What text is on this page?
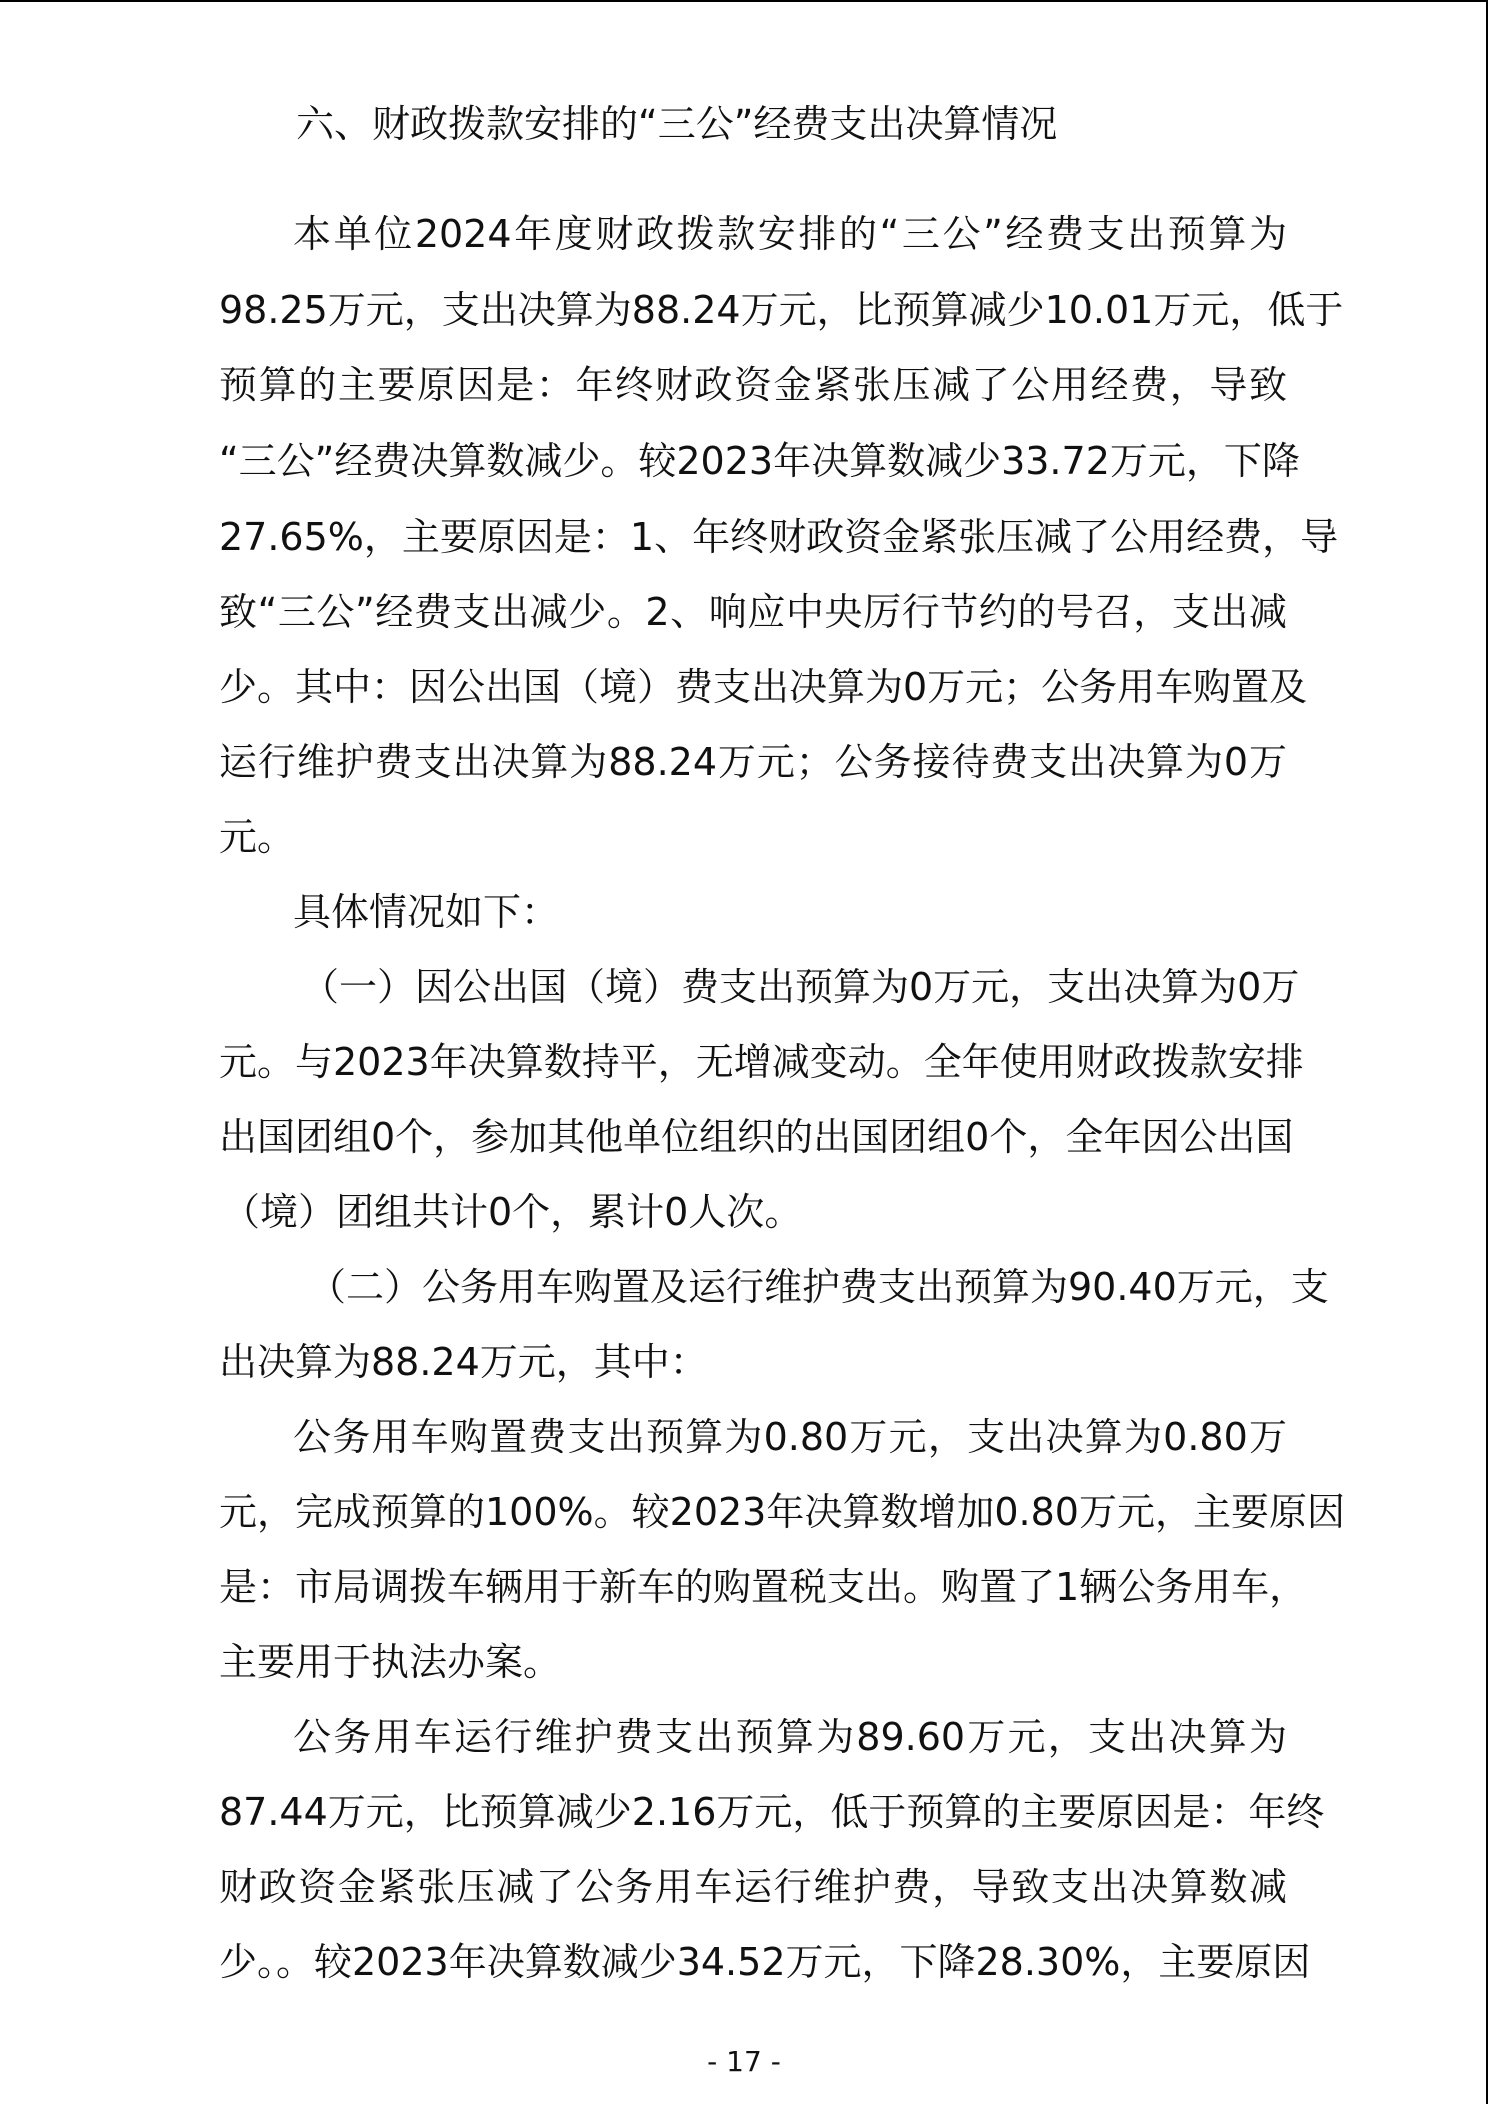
六、财政拨款安排的“三公”经费支出决算情况
本单位2024年度财政拨款安排的“三公”经费支出预算为
98.25万元，支出决算为88.24万元，比预算减少10.01万元，低于
预算的主要原因是：年终财政资金紧张压减了公用经费，导致
“三公”经费决算数减少。较2023年决算数减少33.72万元，下降
27.65%，主要原因是：1、年终财政资金紧张压减了公用经费，导
致“三公”经费支出减少。2、响应中央厉行节约的号召，支出减
少。其中：因公出国（境）费支出决算为0万元；公务用车购置及
运行维护费支出决算为88.24万元；公务接待费支出决算为0万
元。
具体情况如下：
（一）因公出国（境）费支出预算为0万元，支出决算为0万
元。与2023年决算数持平，无增减变动。全年使用财政拨款安排
出国团组0个，参加其他单位组织的出国团组0个，全年因公出国
（境）团组共计0个，累计0人次。
（二）公务用车购置及运行维护费支出预算为90.40万元，支
出决算为88.24万元，其中：
公务用车购置费支出预算为0.80万元，支出决算为0.80万
元，完成预算的100%。较2023年决算数增加0.80万元，主要原因
是：市局调拨车辆用于新车的购置税支出。购置了1辆公务用车，
主要用于执法办案。
公务用车运行维护费支出预算为89.60万元，支出决算为
87.44万元，比预算减少2.16万元，低于预算的主要原因是：年终
财政资金紧张压减了公务用车运行维护费，导致支出决算数减
少。。较2023年决算数减少34.52万元，下降28.30%，主要原因
- 17 -
